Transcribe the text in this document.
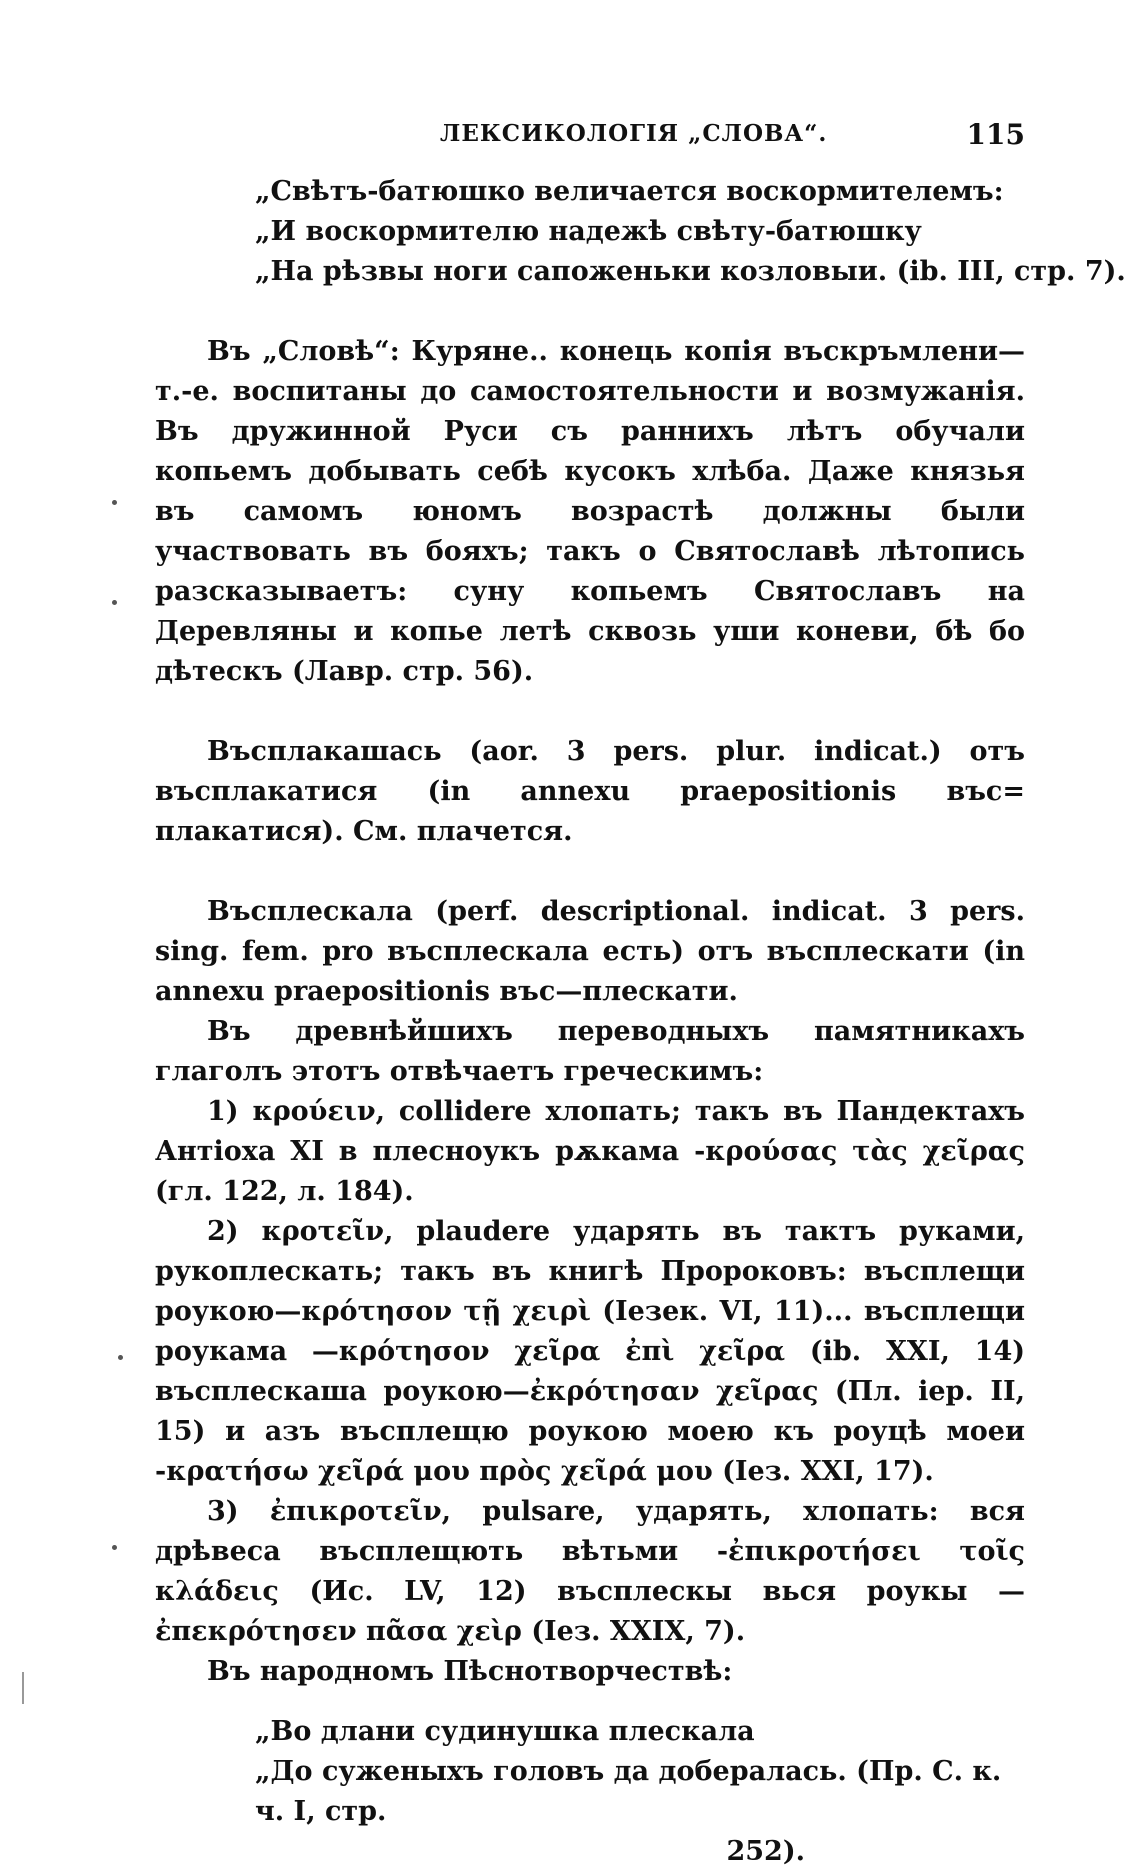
ЛЕКСИКОЛОГІЯ „СЛОВА“.	115

„Свѣтъ-батюшко величается воскормителемъ:

„И воскормителю надежѣ свѣту-батюшку

„На рѣзвы ноги сапоженьки козловыи. (ib. III, стр. 7).

Въ „Словѣ“: Куряне.. конець копія въскръмлени—т.-е. воспитаны до самостоятельности и возмужанія. Въ дружинной Руси съ раннихъ лѣтъ обучали копьемъ добывать себѣ кусокъ хлѣба. Даже князья въ самомъ юномъ возрастѣ должны были участвовать въ бояхъ; такъ о Святославѣ лѣтопись разсказываетъ: суну копьемъ Святославъ на Деревляны и копье летѣ сквозь уши коневи, бѣ бо дѣтескъ (Лавр. стр. 56).

Въсплакашась (aor. 3 pers. plur. indicat.) отъ въсплакатися (in annexu praepositionis въс= плакатися). См. плачется.

Въсплескала (perf. descriptional. indicat. 3 pers. sing. fem. pro въсплескала есть) отъ въсплескати (in annexu praepositionis въс—плескати.

Въ древнѣйшихъ переводныхъ памятникахъ глаголъ этотъ отвѣчаетъ греческимъ:

1) κρούειν, collidere хлопать; такъ въ Пандектахъ Антіоха XI в плесноукъ рѫкама -κρούσας τὰς χεῖρας (гл. 122, л. 184).

2) κροτεῖν, plaudere ударять въ тактъ руками, рукоплескать; такъ въ книгѣ Пророковъ: въсплещи роукою—κρότησον τῇ χειρὶ (Iезек. VI, 11)... въсплещи роукама —κρότησον χεῖρα ἐπὶ χεῖρα (ib. XXI, 14) въсплескаша роукою—ἐκρότησαν χεῖρας (Пл. iер. II, 15) и азъ въсплещю роукою моею къ роуцѣ моеи -κρατήσω χεῖρά μου πρὸς χεῖρά μου (Iез. XXI, 17).

3) ἐπικροτεῖν, pulsare, ударять, хлопать: вся дрѣвеса въсплещють вѣтьми -ἐπικροτήσει τοῖς κλάδεις (Ис. LV, 12) въсплескы вься роукы — ἐπεκρότησεν πᾶσα χεὶρ (Iез. XXIX, 7).

Въ народномъ Пѣснотворчествѣ:

„Во длани судинушка плескала

„До суженыхъ головъ да добералась. (Пр. С. к. ч. I, стр.

252).
